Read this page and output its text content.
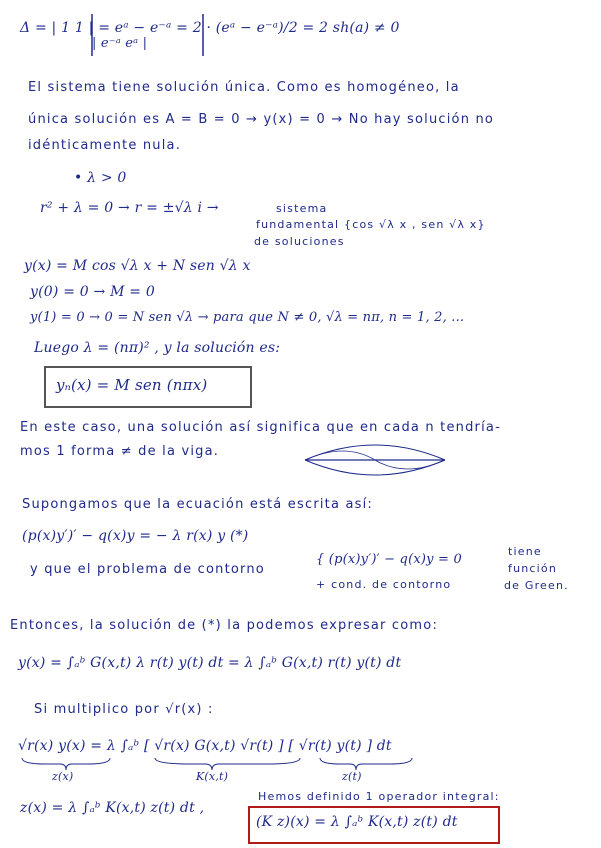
Δ = | 1 1 | = eᵃ − e⁻ᵃ = 2 · (eᵃ − e⁻ᵃ)/2 = 2 sh(a) ≠ 0
| e⁻ᵃ eᵃ |
El sistema tiene solución única. Como es homogéneo, la
única solución es A = B = 0 → y(x) = 0 → No hay solución no
idénticamente nula.
• λ > 0
r² + λ = 0 → r = ±√λ i →	sistema
fundamental {cos √λ x , sen √λ x}
de soluciones
y(x) = M cos √λ x + N sen √λ x
y(0) = 0 → M = 0
y(1) = 0 → 0 = N sen √λ → para que N ≠ 0, √λ = nπ, n = 1, 2, ...
Luego λ = (nπ)² , y la solución es:
yₙ(x) = M sen (nπx)
En este caso, una solución así significa que en cada n tendría-
mos 1 forma ≠ de la viga.
Supongamos que la ecuación está escrita así:
(p(x)y′)′ − q(x)y = − λ r(x) y (*)
y que el problema de contorno
{ (p(x)y′)′ − q(x)y = 0
+ cond. de contorno
tiene
función
de Green.
Entonces, la solución de (*) la podemos expresar como:
y(x) = ∫ₐᵇ G(x,t) λ r(t) y(t) dt = λ ∫ₐᵇ G(x,t) r(t) y(t) dt
Si multiplico por √r(x) :
√r(x) y(x) = λ ∫ₐᵇ [ √r(x) G(x,t) √r(t) ] [ √r(t) y(t) ] dt
z(x)	K(x,t)	z(t)
z(x) = λ ∫ₐᵇ K(x,t) z(t) dt ,
Hemos definido 1 operador integral:
(K z)(x) = λ ∫ₐᵇ K(x,t) z(t) dt
